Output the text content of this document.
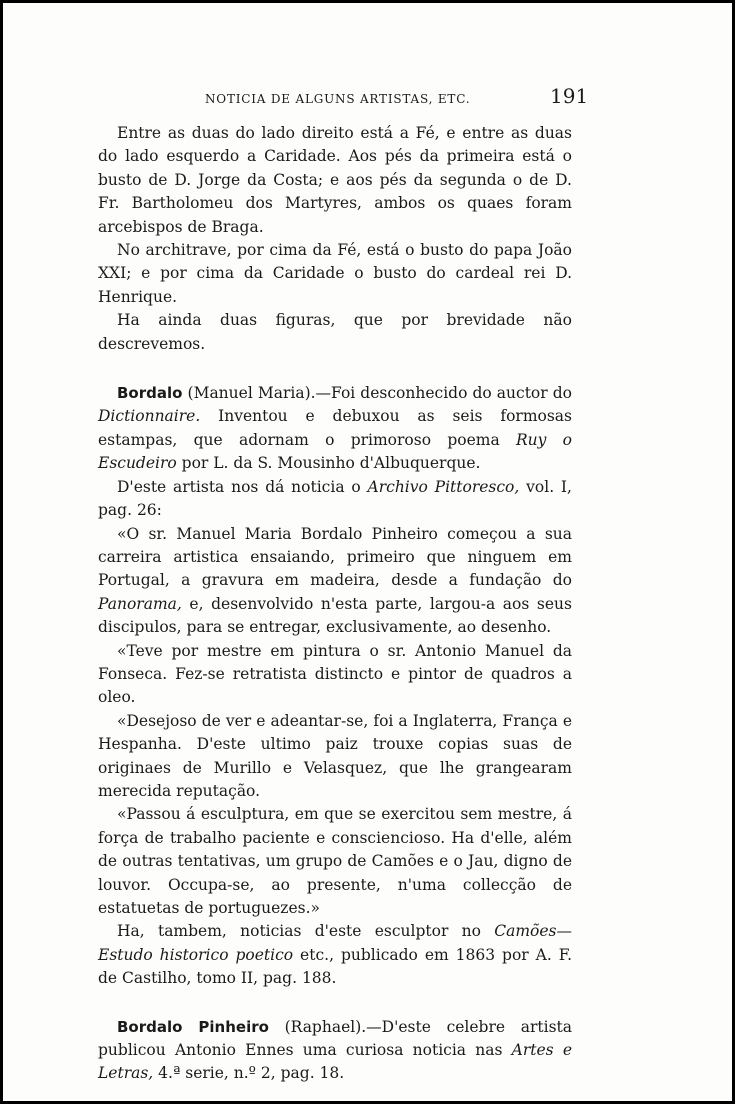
NOTICIA DE ALGUNS ARTISTAS, ETC.	191

Entre as duas do lado direito está a Fé, e entre as duas do lado esquerdo a Caridade. Aos pés da primeira está o busto de D. Jorge da Costa; e aos pés da segunda o de D. Fr. Bartholomeu dos Martyres, ambos os quaes foram arcebispos de Braga.

No architrave, por cima da Fé, está o busto do papa João XXI; e por cima da Caridade o busto do cardeal rei D. Henrique.

Ha ainda duas figuras, que por brevidade não descrevemos.

Bordalo (Manuel Maria).—Foi desconhecido do auctor do Dictionnaire. Inventou e debuxou as seis formosas estampas, que adornam o primoroso poema Ruy o Escudeiro por L. da S. Mousinho d'Albuquerque.

D'este artista nos dá noticia o Archivo Pittoresco, vol. I, pag. 26:

«O sr. Manuel Maria Bordalo Pinheiro começou a sua carreira artistica ensaiando, primeiro que ninguem em Portugal, a gravura em madeira, desde a fundação do Panorama, e, desenvolvido n'esta parte, largou-a aos seus discipulos, para se entregar, exclusivamente, ao desenho.

«Teve por mestre em pintura o sr. Antonio Manuel da Fonseca. Fez-se retratista distincto e pintor de quadros a oleo.

«Desejoso de ver e adeantar-se, foi a Inglaterra, França e Hespanha. D'este ultimo paiz trouxe copias suas de originaes de Murillo e Velasquez, que lhe grangearam merecida reputação.

«Passou á esculptura, em que se exercitou sem mestre, á força de trabalho paciente e consciencioso. Ha d'elle, além de outras tentativas, um grupo de Camões e o Jau, digno de louvor. Occupa-se, ao presente, n'uma collecção de estatuetas de portuguezes.»

Ha, tambem, noticias d'este esculptor no Camões—Estudo historico poetico etc., publicado em 1863 por A. F. de Castilho, tomo II, pag. 188.

Bordalo Pinheiro (Raphael).—D'este celebre artista publicou Antonio Ennes uma curiosa noticia nas Artes e Letras, 4.ª serie, n.º 2, pag. 18.
